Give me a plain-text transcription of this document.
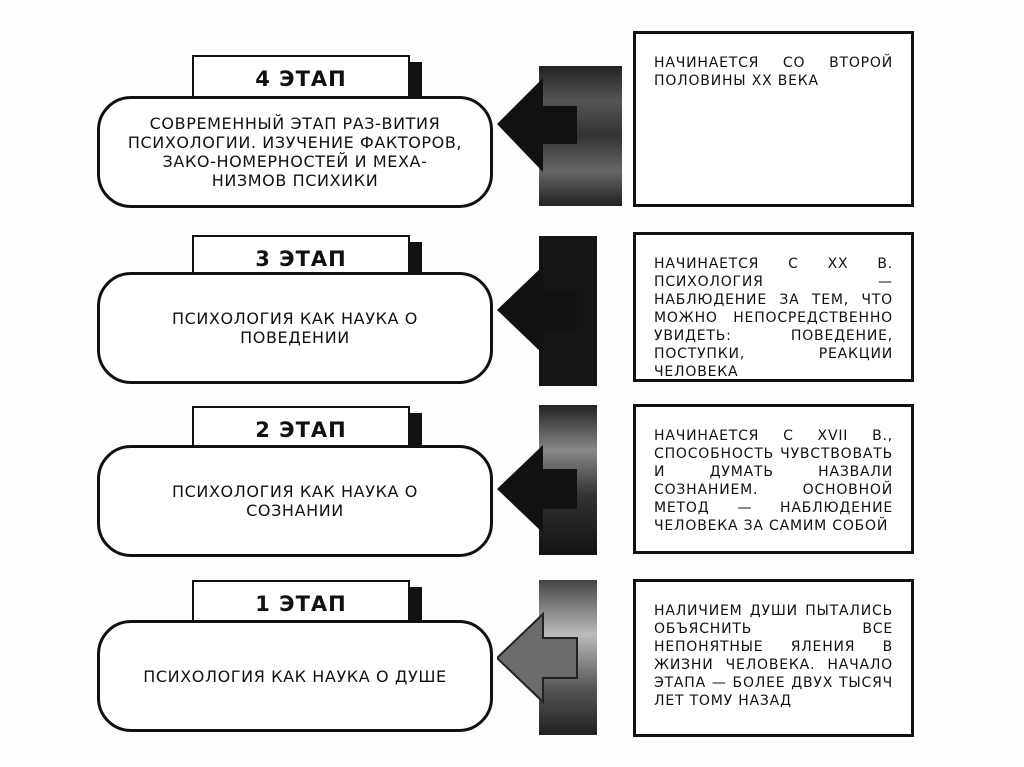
4 ЭТАП
СОВРЕМЕННЫЙ ЭТАП РАЗ-ВИТИЯ ПСИХОЛОГИИ. ИЗУЧЕНИЕ ФАКТОРОВ, ЗАКО-НОМЕРНОСТЕЙ И МЕХА-НИЗМОВ ПСИХИКИ
НАЧИНАЕТСЯ СО ВТОРОЙ ПОЛОВИНЫ XX ВЕКА
3 ЭТАП
ПСИХОЛОГИЯ КАК НАУКА О ПОВЕДЕНИИ
НАЧИНАЕТСЯ С XX В. ПСИХОЛОГИЯ — НАБЛЮДЕНИЕ ЗА ТЕМ, ЧТО МОЖНО НЕПОСРЕДСТВЕННО УВИДЕТЬ: ПОВЕДЕНИЕ, ПОСТУПКИ, РЕАКЦИИ ЧЕЛОВЕКА
2 ЭТАП
ПСИХОЛОГИЯ КАК НАУКА О СОЗНАНИИ
НАЧИНАЕТСЯ С XVII В., СПОСОБНОСТЬ ЧУВСТВОВАТЬ И ДУМАТЬ НАЗВАЛИ СОЗНАНИЕМ. ОСНОВНОЙ МЕТОД — НАБЛЮДЕНИЕ ЧЕЛОВЕКА ЗА САМИМ СОБОЙ
1 ЭТАП
ПСИХОЛОГИЯ КАК НАУКА О ДУШЕ
НАЛИЧИЕМ ДУШИ ПЫТАЛИСЬ ОБЪЯСНИТЬ ВСЕ НЕПОНЯТНЫЕ ЯЛЕНИЯ В ЖИЗНИ ЧЕЛОВЕКА. НАЧАЛО ЭТАПА — БОЛЕЕ ДВУХ ТЫСЯЧ ЛЕТ ТОМУ НАЗАД
